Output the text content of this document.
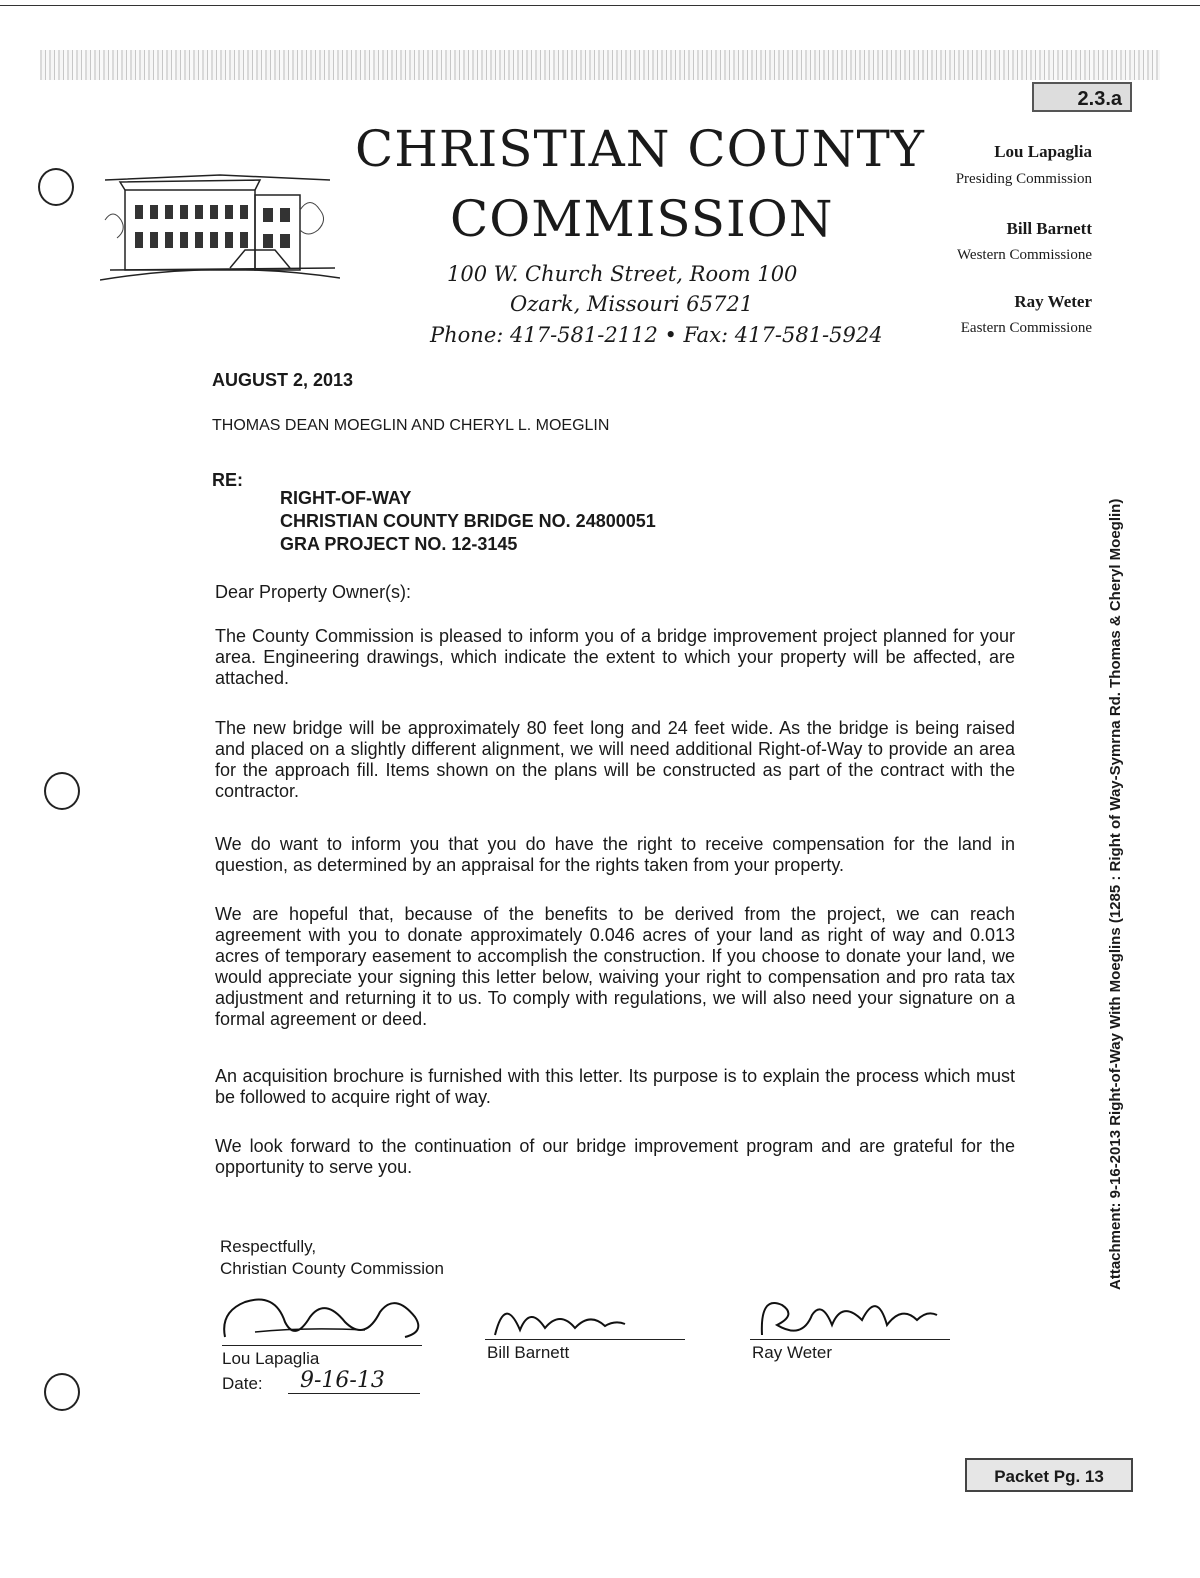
2.3.a
CHRISTIAN COUNTY
COMMISSION
100 W. Church Street, Room 100
Ozark, Missouri 65721
Phone: 417-581-2112 • Fax: 417-581-5924
Lou Lapaglia
Presiding Commission
Bill Barnett
Western Commissione
Ray Weter
Eastern Commissione
AUGUST 2, 2013
THOMAS DEAN MOEGLIN AND CHERYL L. MOEGLIN
RE:
RIGHT-OF-WAY
CHRISTIAN COUNTY BRIDGE NO. 24800051
GRA PROJECT NO. 12-3145
Dear Property Owner(s):
The County Commission is pleased to inform you of a bridge improvement project planned for your area. Engineering drawings, which indicate the extent to which your property will be affected, are attached.
The new bridge will be approximately 80 feet long and 24 feet wide. As the bridge is being raised and placed on a slightly different alignment, we will need additional Right-of-Way to provide an area for the approach fill. Items shown on the plans will be constructed as part of the contract with the contractor.
We do want to inform you that you do have the right to receive compensation for the land in question, as determined by an appraisal for the rights taken from your property.
We are hopeful that, because of the benefits to be derived from the project, we can reach agreement with you to donate approximately 0.046 acres of your land as right of way and 0.013 acres of temporary easement to accomplish the construction. If you choose to donate your land, we would appreciate your signing this letter below, waiving your right to compensation and pro rata tax adjustment and returning it to us. To comply with regulations, we will also need your signature on a formal agreement or deed.
An acquisition brochure is furnished with this letter. Its purpose is to explain the process which must be followed to acquire right of way.
We look forward to the continuation of our bridge improvement program and are grateful for the opportunity to serve you.
Respectfully,
Christian County Commission
Lou Lapaglia
Date: 9-16-13
Bill Barnett	Ray Weter
Attachment: 9-16-2013 Right-of-Way With Moeglins (1285 : Right of Way-Symrna Rd. Thomas & Cheryl Moeglin)
Packet Pg. 13
